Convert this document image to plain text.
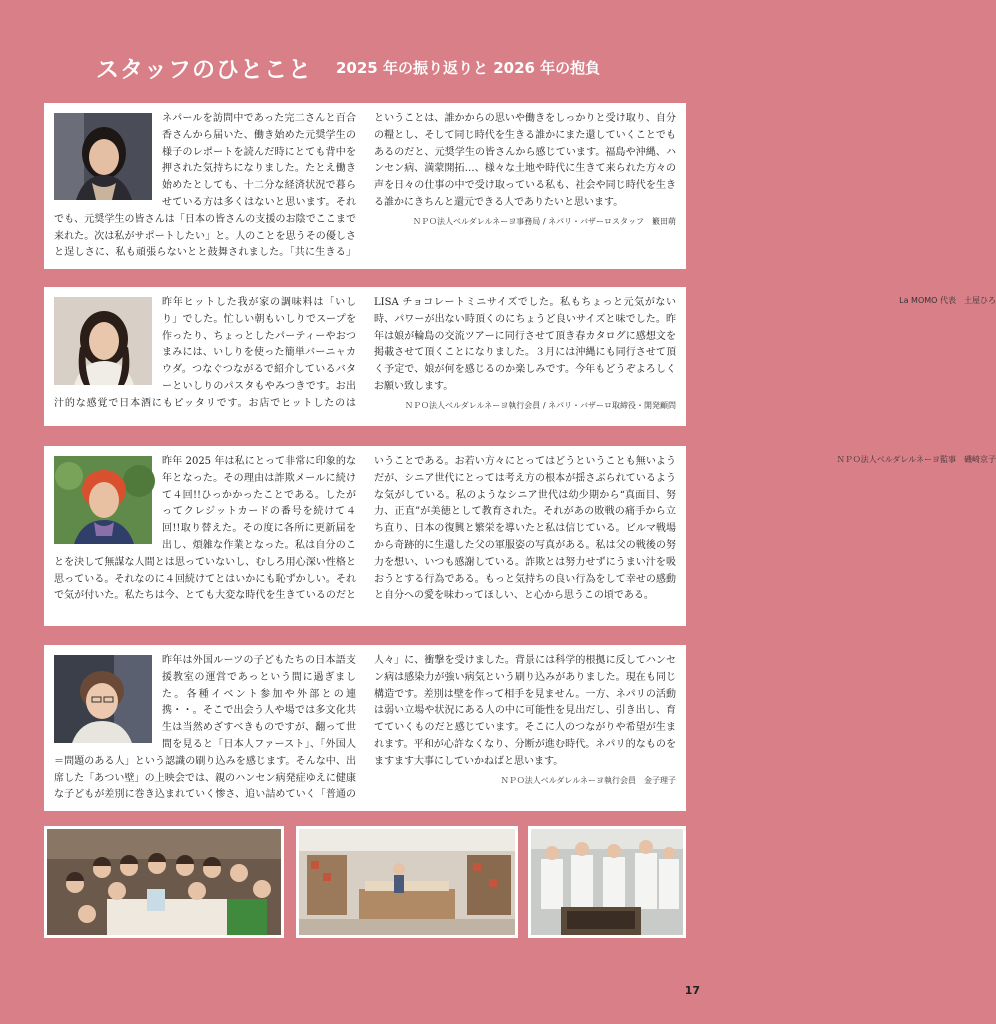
スタッフのひとこと 2025 年の振り返りと 2026 年の抱負

ネパールを訪問中であった完二さんと百合香さんから届いた、働き始めた元奨学生の様子のレポートを読んだ時にとても背中を押された気持ちになりました。たとえ働き始めたとしても、十二分な経済状況で暮らせている方は多くはないと思います。それでも、元奨学生の皆さんは「日本の皆さんの支援のお陰でここまで来れた。次は私がサポートしたい」と。人のことを思うその優しさと逞しさに、私も頑張らないとと鼓舞されました。「共に生きる」ということは、誰かからの思いや働きをしっかりと受け取り、自分の糧とし、そして同じ時代を生きる誰かにまた還していくことでもあるのだと、元奨学生の皆さんから感じています。福島や沖縄、ハンセン病、満蒙開拓…、様々な土地や時代に生きて来られた方々の声を日々の仕事の中で受け取っている私も、社会や同じ時代を生きる誰かにきちんと還元できる人でありたいと思います。

ＮＰＯ法人ベルダレルネーヨ事務局 / ネパリ・バザーロスタッフ　籔田萌

昨年ヒットした我が家の調味料は「いしり」でした。忙しい朝もいしりでスープを作ったり、ちょっとしたパーティーやおつまみには、いしりを使った簡単バーニャカウダ。つなぐつながるで紹介しているバターといしりのパスタもやみつきです。お出汁的な感覚で日本酒にもピッタリです。お店でヒットしたのは LISA チョコレートミニサイズでした。私もちょっと元気がない時、パワーが出ない時頂くのにちょうど良いサイズと味でした。昨年は娘が輪島の交流ツアーに同行させて頂き春カタログに感想文を掲載させて頂くことになりました。３月には沖縄にも同行させて頂く予定で、娘が何を感じるのか楽しみです。今年もどうぞよろしくお願い致します。

ＮＰＯ法人ベルダレルネーヨ執行会員 / ネパリ・バザーロ取締役・開発顧問
La MOMO 代表　土屋ひろ

昨年 2025 年は私にとって非常に印象的な年となった。その理由は詐欺メールに続けて４回!!ひっかかったことである。したがってクレジットカードの番号を続けて４回!!取り替えた。その度に各所に更新届を出し、煩雑な作業となった。私は自分のことを決して無謀な人間とは思っていないし、むしろ用心深い性格と思っている。それなのに４回続けてとはいかにも恥ずかしい。それで気が付いた。私たちは今、とても大変な時代を生きているのだということである。お若い方々にとってはどうということも無いようだが、シニア世代にとっては考え方の根本が揺さぶられているような気がしている。私のようなシニア世代は幼少期から“真面目、努力、正直”が美徳として教育された。それがあの敗戦の痛手から立ち直り、日本の復興と繁栄を導いたと私は信じている。ビルマ戦場から奇跡的に生還した父の軍服姿の写真がある。私は父の戦後の努力を想い、いつも感謝している。詐欺とは努力せずにうまい汁を吸おうとする行為である。もっと気持ちの良い行為をして幸せの感動と自分への愛を味わってほしい、と心から思うこの頃である。

ＮＰＯ法人ベルダレルネーヨ監事　磯崎京子

昨年は外国ルーツの子どもたちの日本語支援教室の運営であっという間に過ぎました。各種イベント参加や外部との連携・・。そこで出会う人や場では多文化共生は当然めざすべきものですが、翻って世間を見ると「日本人ファースト」、「外国人＝問題のある人」という認識の刷り込みを感じます。そんな中、出席した「あつい壁」の上映会では、親のハンセン病発症ゆえに健康な子どもが差別に巻き込まれていく惨さ、追い詰めていく「普通の人々」に、衝撃を受けました。背景には科学的根拠に反してハンセン病は感染力が強い病気という刷り込みがありました。現在も同じ構造です。差別は壁を作って相手を見ません。一方、ネパリの活動は弱い立場や状況にある人の中に可能性を見出だし、引き出し、育てていくものだと感じています。そこに人のつながりや希望が生まれます。平和が心許なくなり、分断が進む時代。ネパリ的なものをますます大事にしていかねばと思います。

ＮＰＯ法人ベルダレルネーヨ執行会員　金子理子
17
